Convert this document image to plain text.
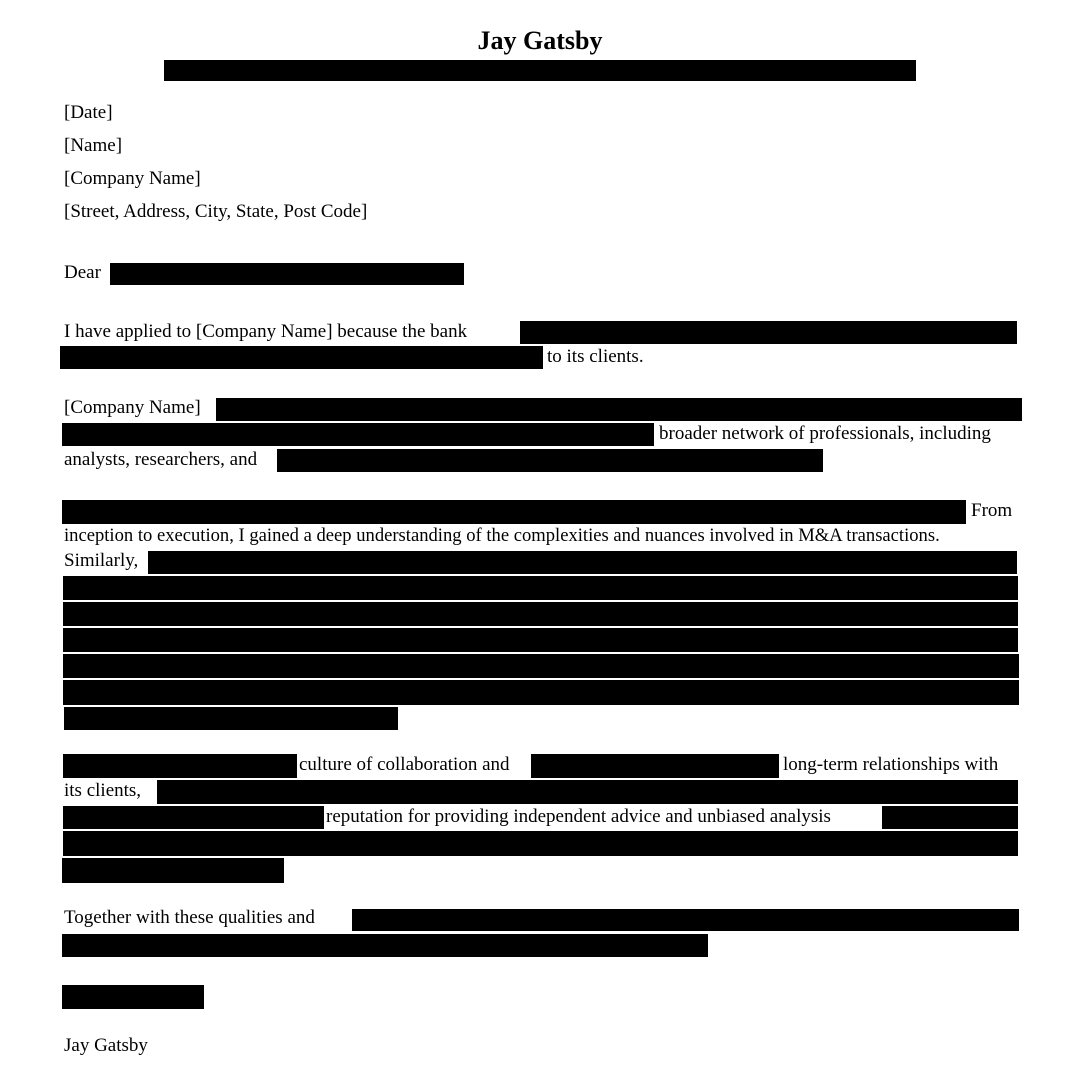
Jay Gatsby
[Date]
[Name]
[Company Name]
[Street, Address, City, State, Post Code]
Dear
I have applied to [Company Name] because the bank
to its clients.
[Company Name]
broader network of professionals, including
analysts, researchers, and
From
inception to execution, I gained a deep understanding of the complexities and nuances involved in M&A transactions.
Similarly,
culture of collaboration and	long-term relationships with
its clients,
reputation for providing independent advice and unbiased analysis
Together with these qualities and
Jay Gatsby
